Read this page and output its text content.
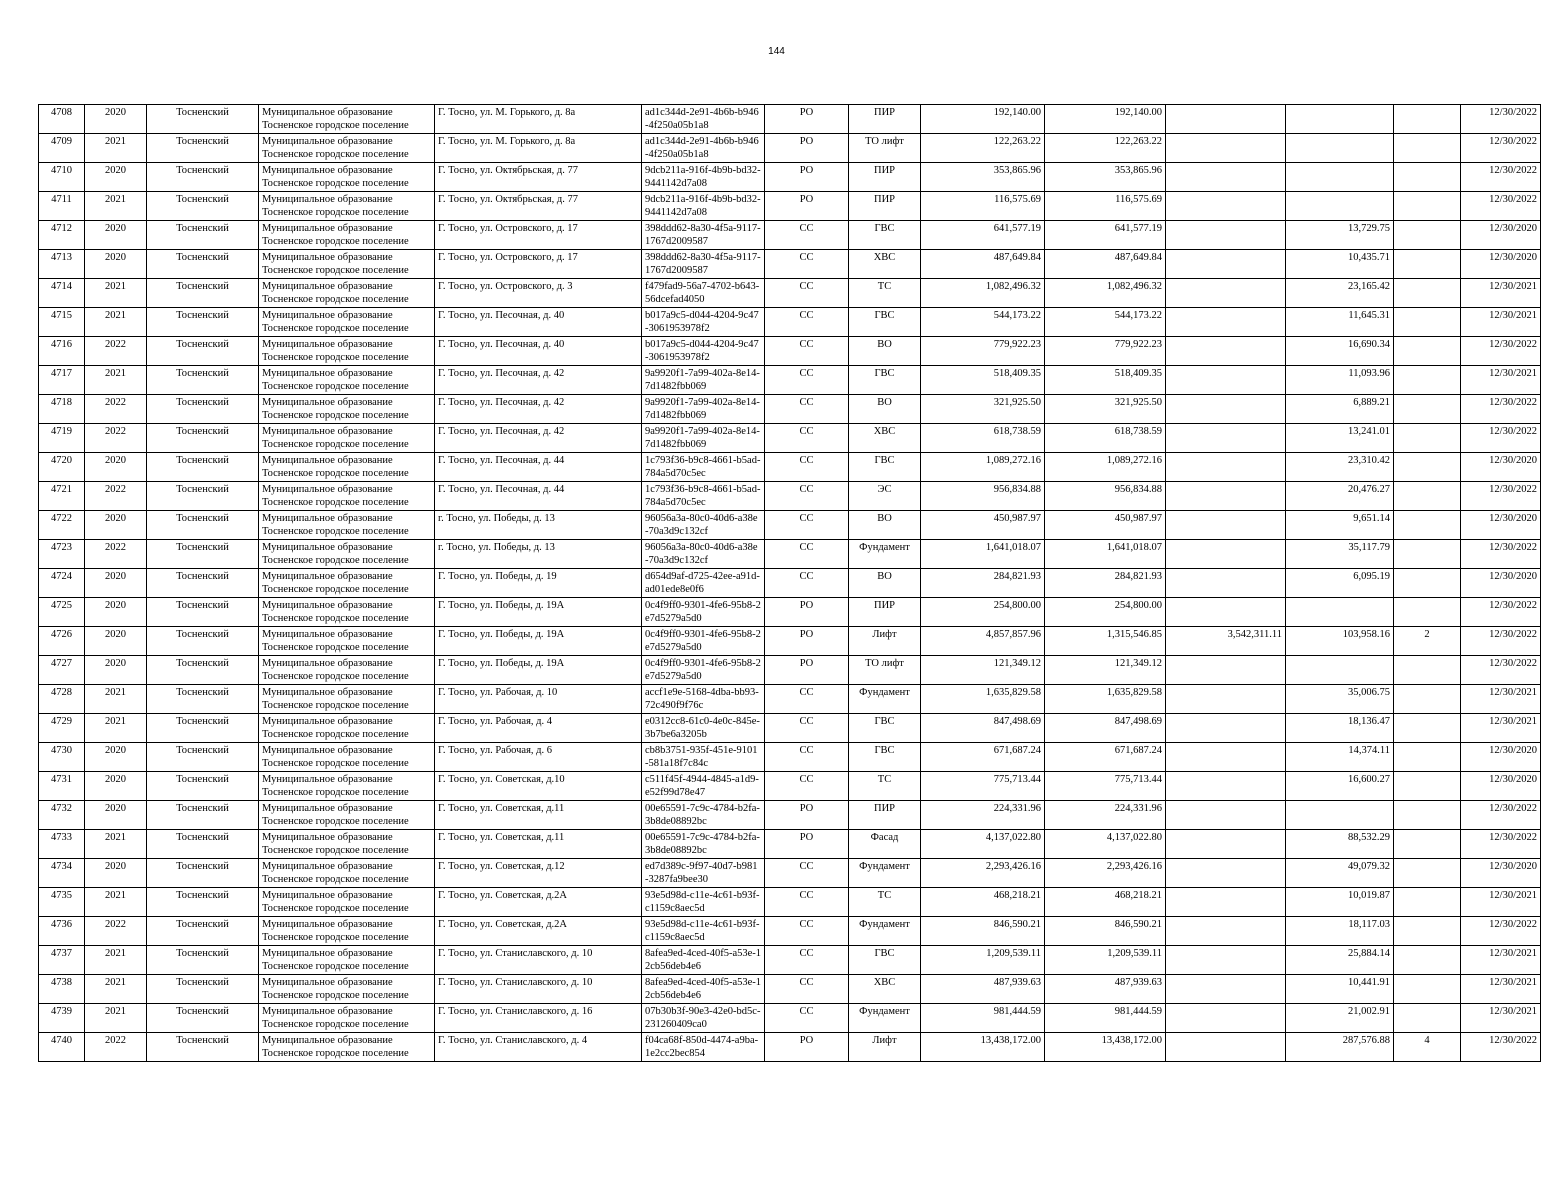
144
4708	2020	Тосненский	Муниципальное образование
Тосненское городское поселение	Г. Тосно, ул. М. Горького, д. 8а	ad1c344d-2e91-4b6b-b946-4f250a05b1a8	РО	ПИР	192,140.00	192,140.00				12/30/2022
4709	2021	Тосненский	Муниципальное образование
Тосненское городское поселение	Г. Тосно, ул. М. Горького, д. 8а	ad1c344d-2e91-4b6b-b946-4f250a05b1a8	РО	ТО лифт	122,263.22	122,263.22				12/30/2022
4710	2020	Тосненский	Муниципальное образование
Тосненское городское поселение	Г. Тосно, ул. Октябрьская, д. 77	9dcb211a-916f-4b9b-bd32-9441142d7a08	РО	ПИР	353,865.96	353,865.96				12/30/2022
4711	2021	Тосненский	Муниципальное образование
Тосненское городское поселение	Г. Тосно, ул. Октябрьская, д. 77	9dcb211a-916f-4b9b-bd32-9441142d7a08	РО	ПИР	116,575.69	116,575.69				12/30/2022
4712	2020	Тосненский	Муниципальное образование
Тосненское городское поселение	Г. Тосно, ул. Островского, д. 17	398ddd62-8a30-4f5a-9117-1767d2009587	СС	ГВС	641,577.19	641,577.19		13,729.75		12/30/2020
4713	2020	Тосненский	Муниципальное образование
Тосненское городское поселение	Г. Тосно, ул. Островского, д. 17	398ddd62-8a30-4f5a-9117-1767d2009587	СС	ХВС	487,649.84	487,649.84		10,435.71		12/30/2020
4714	2021	Тосненский	Муниципальное образование
Тосненское городское поселение	Г. Тосно, ул. Островского, д. 3	f479fad9-56a7-4702-b643-56dcefad4050	СС	ТС	1,082,496.32	1,082,496.32		23,165.42		12/30/2021
4715	2021	Тосненский	Муниципальное образование
Тосненское городское поселение	Г. Тосно, ул. Песочная, д. 40	b017a9c5-d044-4204-9c47-3061953978f2	СС	ГВС	544,173.22	544,173.22		11,645.31		12/30/2021
4716	2022	Тосненский	Муниципальное образование
Тосненское городское поселение	Г. Тосно, ул. Песочная, д. 40	b017a9c5-d044-4204-9c47-3061953978f2	СС	ВО	779,922.23	779,922.23		16,690.34		12/30/2022
4717	2021	Тосненский	Муниципальное образование
Тосненское городское поселение	Г. Тосно, ул. Песочная, д. 42	9a9920f1-7a99-402a-8e14-7d1482fbb069	СС	ГВС	518,409.35	518,409.35		11,093.96		12/30/2021
4718	2022	Тосненский	Муниципальное образование
Тосненское городское поселение	Г. Тосно, ул. Песочная, д. 42	9a9920f1-7a99-402a-8e14-7d1482fbb069	СС	ВО	321,925.50	321,925.50		6,889.21		12/30/2022
4719	2022	Тосненский	Муниципальное образование
Тосненское городское поселение	Г. Тосно, ул. Песочная, д. 42	9a9920f1-7a99-402a-8e14-7d1482fbb069	СС	ХВС	618,738.59	618,738.59		13,241.01		12/30/2022
4720	2020	Тосненский	Муниципальное образование
Тосненское городское поселение	Г. Тосно, ул. Песочная, д. 44	1c793f36-b9c8-4661-b5ad-784a5d70c5ec	СС	ГВС	1,089,272.16	1,089,272.16		23,310.42		12/30/2020
4721	2022	Тосненский	Муниципальное образование
Тосненское городское поселение	Г. Тосно, ул. Песочная, д. 44	1c793f36-b9c8-4661-b5ad-784a5d70c5ec	СС	ЭС	956,834.88	956,834.88		20,476.27		12/30/2022
4722	2020	Тосненский	Муниципальное образование
Тосненское городское поселение	г. Тосно, ул. Победы, д. 13	96056a3a-80c0-40d6-a38e-70a3d9c132cf	СС	ВО	450,987.97	450,987.97		9,651.14		12/30/2020
4723	2022	Тосненский	Муниципальное образование
Тосненское городское поселение	г. Тосно, ул. Победы, д. 13	96056a3a-80c0-40d6-a38e-70a3d9c132cf	СС	Фундамент	1,641,018.07	1,641,018.07		35,117.79		12/30/2022
4724	2020	Тосненский	Муниципальное образование
Тосненское городское поселение	Г. Тосно, ул. Победы, д. 19	d654d9af-d725-42ee-a91d-ad01ede8e0f6	СС	ВО	284,821.93	284,821.93		6,095.19		12/30/2020
4725	2020	Тосненский	Муниципальное образование
Тосненское городское поселение	Г. Тосно, ул. Победы, д. 19А	0c4f9ff0-9301-4fe6-95b8-2e7d5279a5d0	РО	ПИР	254,800.00	254,800.00				12/30/2022
4726	2020	Тосненский	Муниципальное образование
Тосненское городское поселение	Г. Тосно, ул. Победы, д. 19А	0c4f9ff0-9301-4fe6-95b8-2e7d5279a5d0	РО	Лифт	4,857,857.96	1,315,546.85	3,542,311.11	103,958.16	2	12/30/2022
4727	2020	Тосненский	Муниципальное образование
Тосненское городское поселение	Г. Тосно, ул. Победы, д. 19А	0c4f9ff0-9301-4fe6-95b8-2e7d5279a5d0	РО	ТО лифт	121,349.12	121,349.12				12/30/2022
4728	2021	Тосненский	Муниципальное образование
Тосненское городское поселение	Г. Тосно, ул. Рабочая, д. 10	accf1e9e-5168-4dba-bb93-72c490f9f76c	СС	Фундамент	1,635,829.58	1,635,829.58		35,006.75		12/30/2021
4729	2021	Тосненский	Муниципальное образование
Тосненское городское поселение	Г. Тосно, ул. Рабочая, д. 4	e0312cc8-61c0-4e0c-845e-3b7be6a3205b	СС	ГВС	847,498.69	847,498.69		18,136.47		12/30/2021
4730	2020	Тосненский	Муниципальное образование
Тосненское городское поселение	Г. Тосно, ул. Рабочая, д. 6	cb8b3751-935f-451e-9101-581a18f7c84c	СС	ГВС	671,687.24	671,687.24		14,374.11		12/30/2020
4731	2020	Тосненский	Муниципальное образование
Тосненское городское поселение	Г. Тосно, ул. Советская, д.10	c511f45f-4944-4845-a1d9-e52f99d78e47	СС	ТС	775,713.44	775,713.44		16,600.27		12/30/2020
4732	2020	Тосненский	Муниципальное образование
Тосненское городское поселение	Г. Тосно, ул. Советская, д.11	00e65591-7c9c-4784-b2fa-3b8de08892bc	РО	ПИР	224,331.96	224,331.96				12/30/2022
4733	2021	Тосненский	Муниципальное образование
Тосненское городское поселение	Г. Тосно, ул. Советская, д.11	00e65591-7c9c-4784-b2fa-3b8de08892bc	РО	Фасад	4,137,022.80	4,137,022.80		88,532.29		12/30/2022
4734	2020	Тосненский	Муниципальное образование
Тосненское городское поселение	Г. Тосно, ул. Советская, д.12	ed7d389c-9f97-40d7-b981-3287fa9bee30	СС	Фундамент	2,293,426.16	2,293,426.16		49,079.32		12/30/2020
4735	2021	Тосненский	Муниципальное образование
Тосненское городское поселение	Г. Тосно, ул. Советская, д.2А	93e5d98d-c11e-4c61-b93f-c1159c8aec5d	СС	ТС	468,218.21	468,218.21		10,019.87		12/30/2021
4736	2022	Тосненский	Муниципальное образование
Тосненское городское поселение	Г. Тосно, ул. Советская, д.2А	93e5d98d-c11e-4c61-b93f-c1159c8aec5d	СС	Фундамент	846,590.21	846,590.21		18,117.03		12/30/2022
4737	2021	Тосненский	Муниципальное образование
Тосненское городское поселение	Г. Тосно, ул. Станиславского, д. 10	8afea9ed-4ced-40f5-a53e-12cb56deb4e6	СС	ГВС	1,209,539.11	1,209,539.11		25,884.14		12/30/2021
4738	2021	Тосненский	Муниципальное образование
Тосненское городское поселение	Г. Тосно, ул. Станиславского, д. 10	8afea9ed-4ced-40f5-a53e-12cb56deb4e6	СС	ХВС	487,939.63	487,939.63		10,441.91		12/30/2021
4739	2021	Тосненский	Муниципальное образование
Тосненское городское поселение	Г. Тосно, ул. Станиславского, д. 16	07b30b3f-90e3-42e0-bd5c-231260409ca0	СС	Фундамент	981,444.59	981,444.59		21,002.91		12/30/2021
4740	2022	Тосненский	Муниципальное образование
Тосненское городское поселение	Г. Тосно, ул. Станиславского, д. 4	f04ca68f-850d-4474-a9ba-1e2cc2bec854	РО	Лифт	13,438,172.00	13,438,172.00		287,576.88	4	12/30/2022
